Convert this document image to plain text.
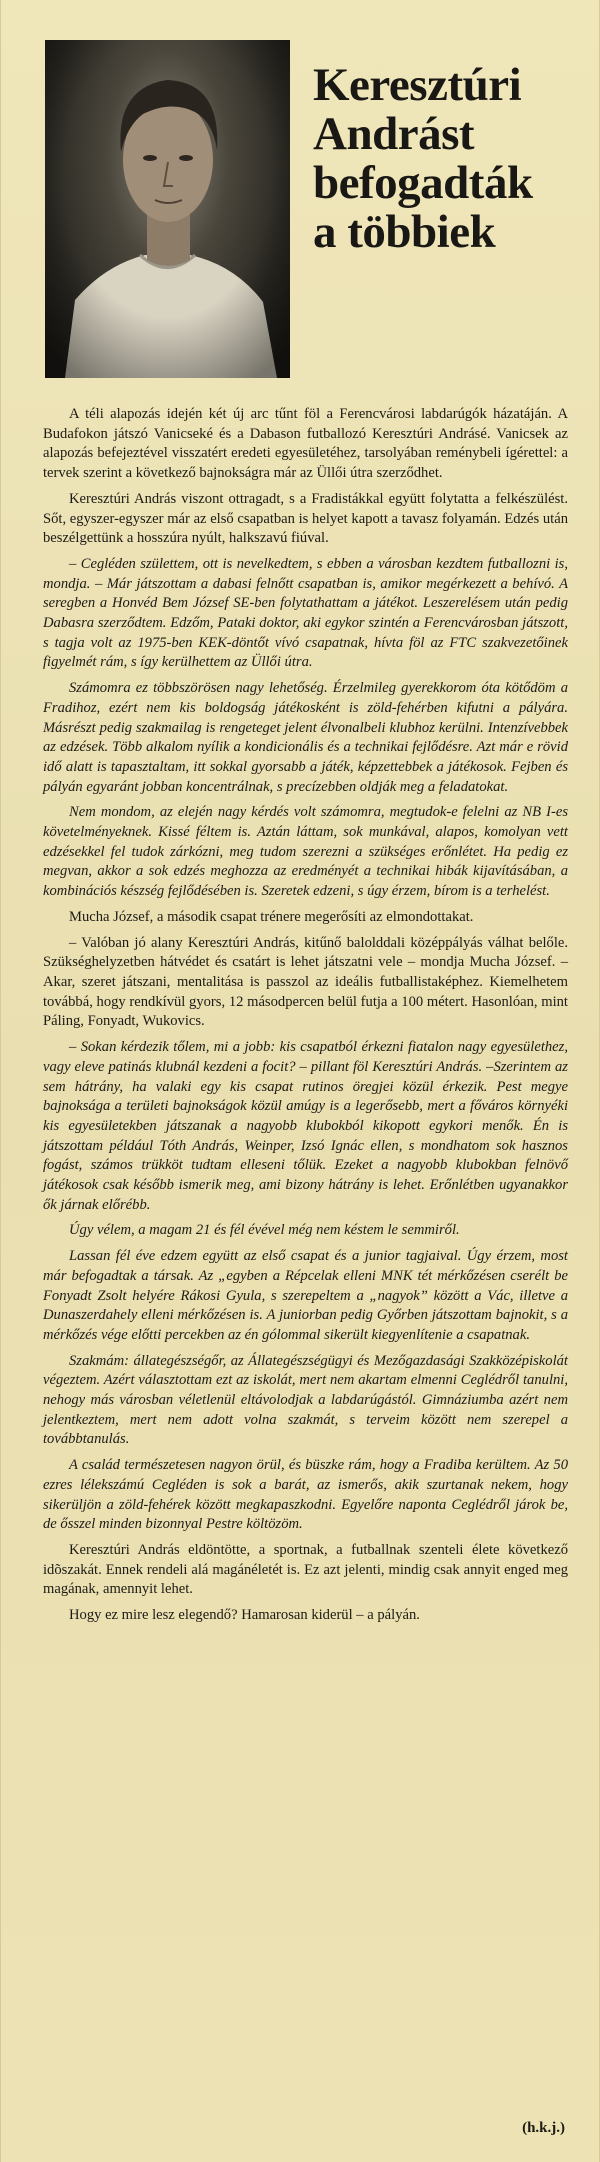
Keresztúri
Andrást
befogadták
a többiek

A téli alapozás idején két új arc tűnt föl a Ferencvárosi labdarúgók házatáján. A Budafokon játszó Vanicseké és a Dabason futballozó Keresztúri Andrásé. Vanicsek az alapozás befejeztével visszatért eredeti egyesületéhez, tarsolyában reménybeli ígérettel: a tervek szerint a következő bajnokságra már az Üllői útra szerződhet.

Keresztúri András viszont ottragadt, s a Fradistákkal együtt folytatta a felkészülést. Sőt, egyszer-egyszer már az első csapatban is helyet kapott a tavasz folyamán. Edzés után beszélgettünk a hosszúra nyúlt, halkszavú fiúval.

– Cegléden születtem, ott is nevelkedtem, s ebben a városban kezdtem futballozni is, mondja. – Már játszottam a dabasi felnőtt csapatban is, amikor megérkezett a behívó. A seregben a Honvéd Bem József SE-ben folytathattam a játékot. Leszerelésem után pedig Dabasra szerződtem. Edzőm, Pataki doktor, aki egykor szintén a Ferencvárosban játszott, s tagja volt az 1975-ben KEK-döntőt vívó csapatnak, hívta föl az FTC szakvezetőinek figyelmét rám, s így kerülhettem az Üllői útra.

Számomra ez többszörösen nagy lehetőség. Érzelmileg gyerekkorom óta kötődöm a Fradihoz, ezért nem kis boldogság játékosként is zöld-fehérben kifutni a pályára. Másrészt pedig szakmailag is rengeteget jelent élvonalbeli klubhoz kerülni. Intenzívebbek az edzések. Több alkalom nyílik a kondicionális és a technikai fejlődésre. Azt már e rövid idő alatt is tapasztaltam, itt sokkal gyorsabb a játék, képzettebbek a játékosok. Fejben és pályán egyaránt jobban koncentrálnak, s precízebben oldják meg a feladatokat.

Nem mondom, az elején nagy kérdés volt számomra, megtudok-e felelni az NB I-es követelményeknek. Kissé féltem is. Aztán láttam, sok munkával, alapos, komolyan vett edzésekkel fel tudok zárkózni, meg tudom szerezni a szükséges erőnlétet. Ha pedig ez megvan, akkor a sok edzés meghozza az eredményét a technikai hibák kijavításában, a kombinációs készség fejlődésében is. Szeretek edzeni, s úgy érzem, bírom is a terhelést.

Mucha József, a második csapat trénere megerősíti az elmondottakat.

– Valóban jó alany Keresztúri András, kitűnő balolddali középpályás válhat belőle. Szükséghelyzetben hátvédet és csatárt is lehet játszatni vele – mondja Mucha József. – Akar, szeret játszani, mentalitása is passzol az ideális futballistaképhez. Kiemelhetem továbbá, hogy rendkívül gyors, 12 másodpercen belül futja a 100 métert. Hasonlóan, mint Páling, Fonyadt, Wukovics.

– Sokan kérdezik tőlem, mi a jobb: kis csapatból érkezni fiatalon nagy egyesülethez, vagy eleve patinás klubnál kezdeni a focit? – pillant föl Keresztúri András. –Szerintem az sem hátrány, ha valaki egy kis csapat rutinos öregjei közül érkezik. Pest megye bajnoksága a területi bajnokságok közül amúgy is a legerősebb, mert a főváros környéki kis egyesületekben játszanak a nagyobb klubokból kikopott egykori menők. Én is játszottam például Tóth András, Weinper, Izsó Ignác ellen, s mondhatom sok hasznos fogást, számos trükköt tudtam elleseni tőlük. Ezeket a nagyobb klubokban felnövő játékosok csak később ismerik meg, ami bizony hátrány is lehet. Erőnlétben ugyanakkor ők járnak előrébb.

Úgy vélem, a magam 21 és fél évével még nem késtem le semmiről.

Lassan fél éve edzem együtt az első csapat és a junior tagjaival. Úgy érzem, most már befogadtak a társak. Az „egyben a Répcelak elleni MNK tét mérkőzésen cserélt be Fonyadt Zsolt helyére Rákosi Gyula, s szerepeltem a „nagyok” között a Vác, illetve a Dunaszerdahely elleni mérkőzésen is. A juniorban pedig Győrben játszottam bajnokit, s a mérkőzés vége előtti percekben az én gólommal sikerült kiegyenlítenie a csapatnak.

Szakmám: állategészségőr, az Állategészségügyi és Mezőgazdasági Szakközépiskolát végeztem. Azért választottam ezt az iskolát, mert nem akartam elmenni Ceglédről tanulni, nehogy más városban véletlenül eltávolodjak a labdarúgástól. Gimnáziumba azért nem jelentkeztem, mert nem adott volna szakmát, s terveim között nem szerepel a továbbtanulás.

A család természetesen nagyon örül, és büszke rám, hogy a Fradiba kerültem. Az 50 ezres lélekszámú Cegléden is sok a barát, az ismerős, akik szurtanak nekem, hogy sikerüljön a zöld-fehérek között megkapaszkodni. Egyelőre naponta Ceglédről járok be, de ősszel minden bizonnyal Pestre költözöm.

Keresztúri András eldöntötte, a sportnak, a futballnak szenteli élete következő idõszakát. Ennek rendeli alá magánéletét is. Ez azt jelenti, mindig csak annyit enged meg magának, amennyit lehet.

Hogy ez mire lesz elegendő? Hamarosan kiderül – a pályán.

(h.k.j.)
